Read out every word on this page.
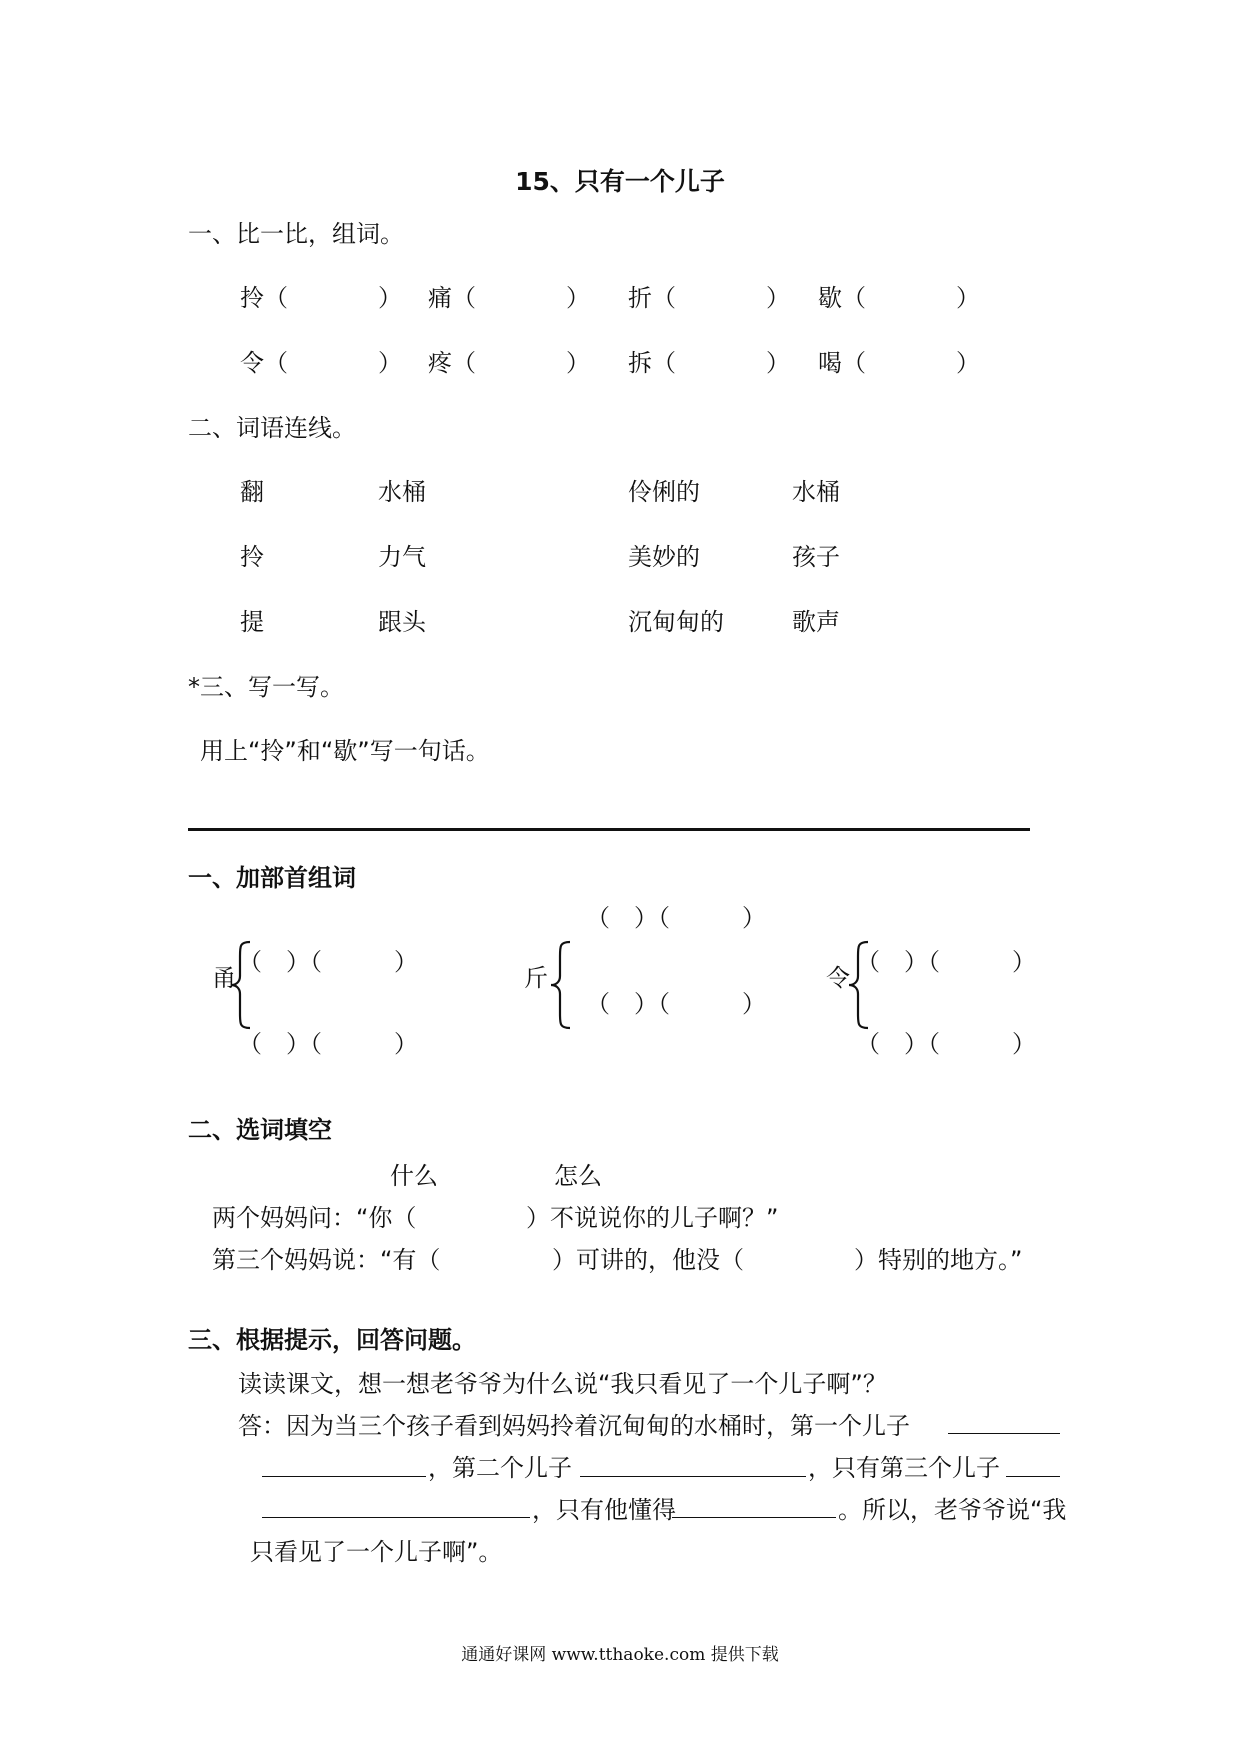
15、只有一个儿子
一、比一比，组词。
拎（	） 痛（	） 折（	） 歇（	）
令（	） 疼（	） 拆（	） 喝（	）
二、词语连线。
翻	水桶	伶俐的	水桶
拎	力气	美妙的	孩子
提	跟头	沉甸甸的	歌声
*三、写一写。
用上“拎”和“歇”写一句话。
一、加部首组词
甬
（　）（　　　）
（　）（　　　）
（　）（　　　）
斤
（　）（　　　）
令
（　）（　　　）
（　）（　　　）
二、选词填空
什么	怎么
两个妈妈问：“你（	）不说说你的儿子啊？”
第三个妈妈说：“有（	）可讲的，他没（	）特别的地方。”
三、根据提示，回答问题。
读读课文，想一想老爷爷为什么说“我只看见了一个儿子啊”？
答：因为当三个孩子看到妈妈拎着沉甸甸的水桶时，第一个儿子
，第二个儿子	，只有第三个儿子
，只有他懂得	。所以，老爷爷说“我
只看见了一个儿子啊”。
通通好课网 www.tthaoke.com 提供下载
